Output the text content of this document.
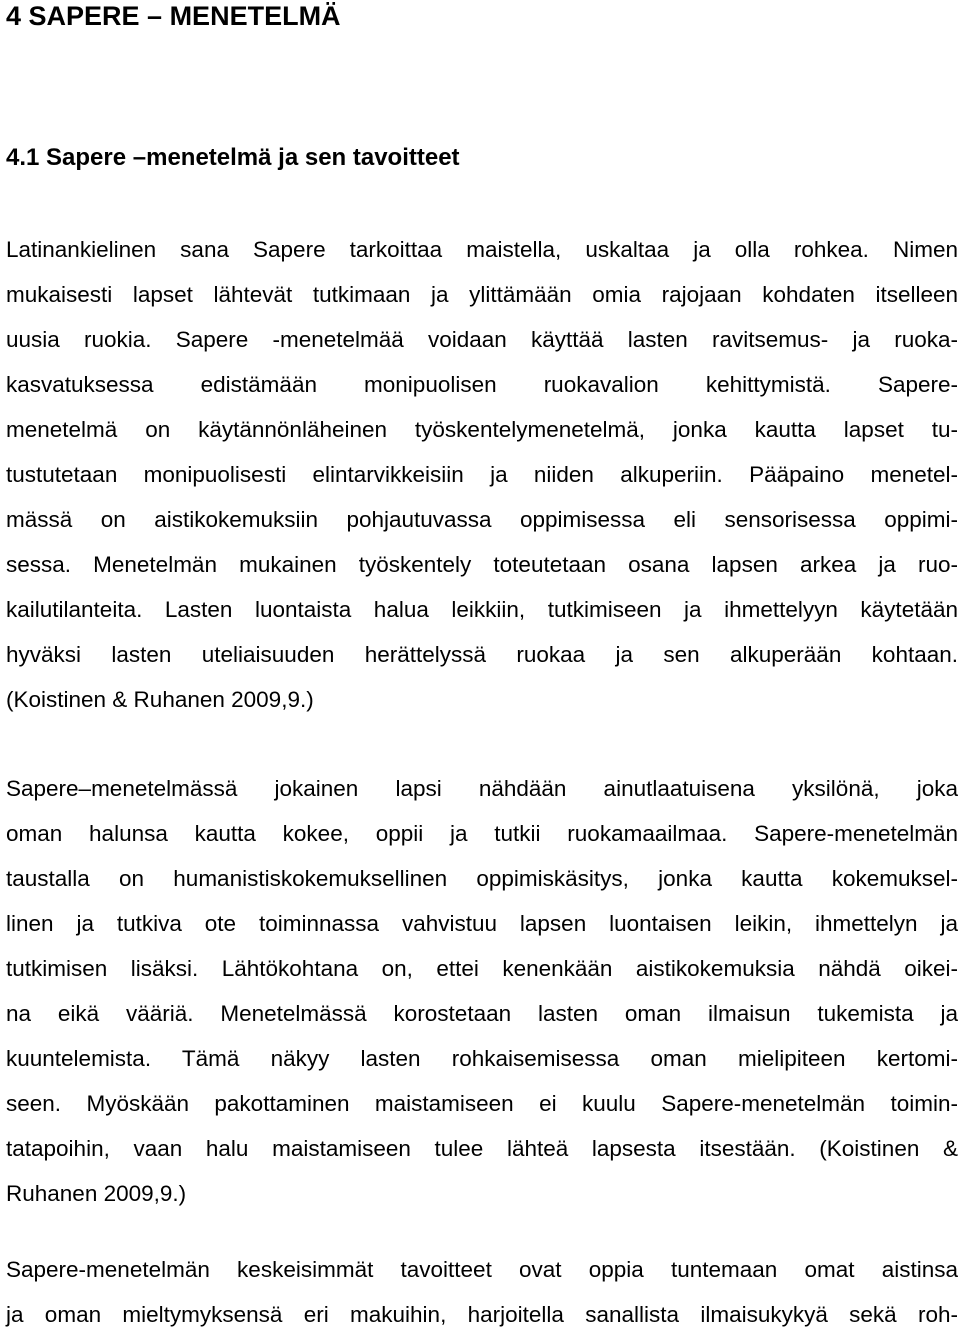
4 SAPERE – MENETELMÄ
4.1 Sapere –menetelmä ja sen tavoitteet
Latinankielinen sana Sapere tarkoittaa maistella, uskaltaa ja olla rohkea. Nimen
mukaisesti lapset lähtevät tutkimaan ja ylittämään omia rajojaan kohdaten itselleen
uusia ruokia. Sapere -menetelmää voidaan käyttää lasten ravitsemus- ja ruoka-
kasvatuksessa edistämään monipuolisen ruokavalion kehittymistä. Sapere-
menetelmä on käytännönläheinen työskentelymenetelmä, jonka kautta lapset tu-
tustutetaan monipuolisesti elintarvikkeisiin ja niiden alkuperiin. Pääpaino menetel-
mässä on aistikokemuksiin pohjautuvassa oppimisessa eli sensorisessa oppimi-
sessa. Menetelmän mukainen työskentely toteutetaan osana lapsen arkea ja ruo-
kailutilanteita. Lasten luontaista halua leikkiin, tutkimiseen ja ihmettelyyn käytetään
hyväksi lasten uteliaisuuden herättelyssä ruokaa ja sen alkuperään kohtaan.
(Koistinen & Ruhanen 2009,9.)
Sapere–menetelmässä jokainen lapsi nähdään ainutlaatuisena yksilönä, joka
oman halunsa kautta kokee, oppii ja tutkii ruokamaailmaa. Sapere-menetelmän
taustalla on humanistiskokemuksellinen oppimiskäsitys, jonka kautta kokemuksel-
linen ja tutkiva ote toiminnassa vahvistuu lapsen luontaisen leikin, ihmettelyn ja
tutkimisen lisäksi. Lähtökohtana on, ettei kenenkään aistikokemuksia nähdä oikei-
na eikä vääriä. Menetelmässä korostetaan lasten oman ilmaisun tukemista ja
kuuntelemista. Tämä näkyy lasten rohkaisemisessa oman mielipiteen kertomi-
seen. Myöskään pakottaminen maistamiseen ei kuulu Sapere-menetelmän toimin-
tatapoihin, vaan halu maistamiseen tulee lähteä lapsesta itsestään. (Koistinen &
Ruhanen 2009,9.)
Sapere-menetelmän keskeisimmät tavoitteet ovat oppia tuntemaan omat aistinsa
ja oman mieltymyksensä eri makuihin, harjoitella sanallista ilmaisukykyä sekä roh-
